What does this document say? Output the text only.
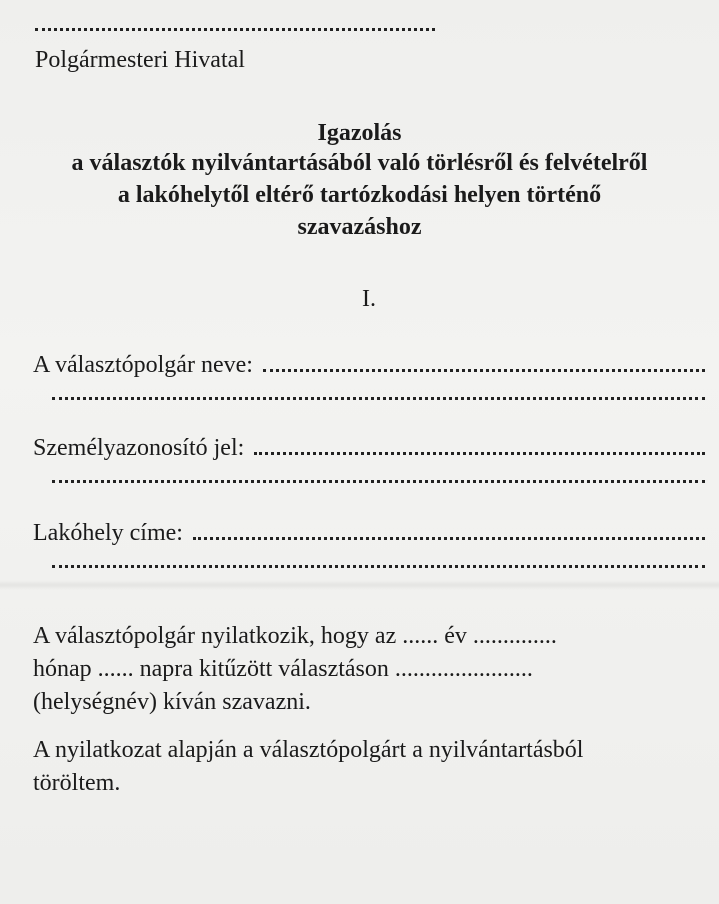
Polgármesteri Hivatal
Igazolás
a választók nyilvántartásából való törlésről és felvételről
a lakóhelytől eltérő tartózkodási helyen történő
szavazáshoz
I.
A választópolgár neve:
Személyazonosító jel:
Lakóhely címe:
A választópolgár nyilatkozik, hogy az ...... év ..............
hónap ...... napra kitűzött választáson .......................
(helységnév) kíván szavazni.
A nyilatkozat alapján a választópolgárt a nyilvántartásból
töröltem.
